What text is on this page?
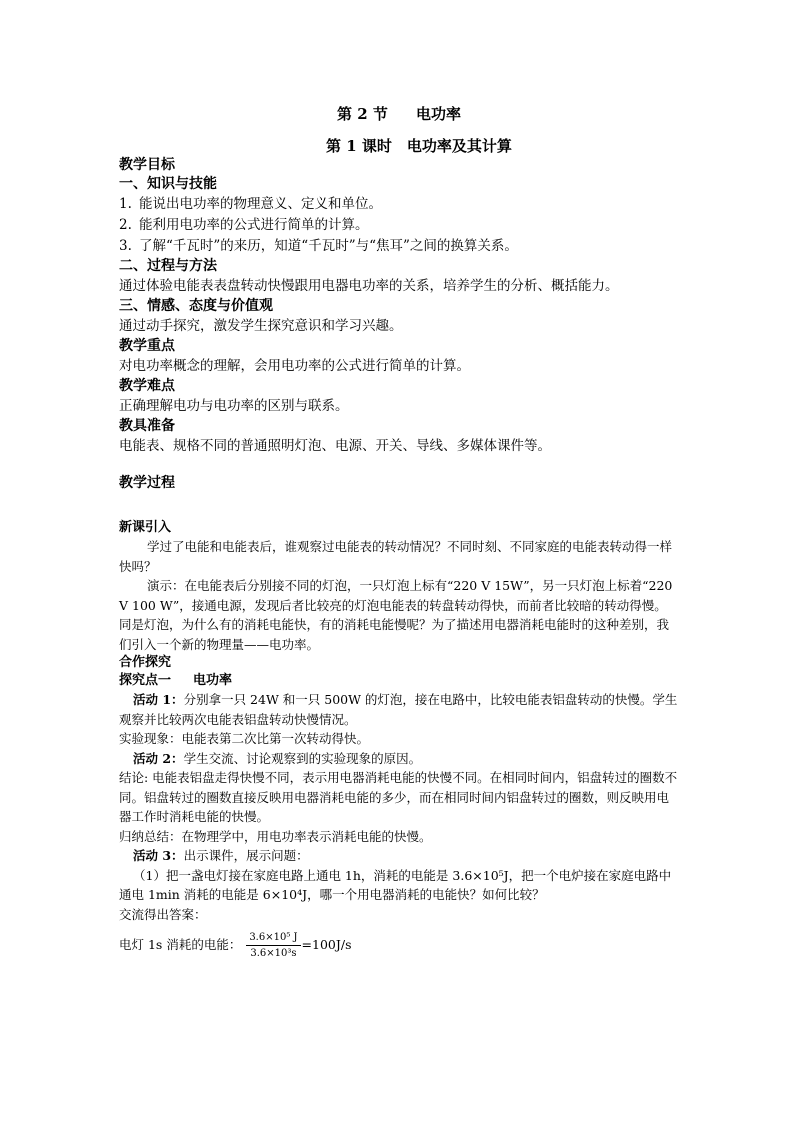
第 2 节 电功率
第 1 课时　电功率及其计算
教学目标
一、知识与技能
1. 能说出电功率的物理意义、定义和单位。
2. 能利用电功率的公式进行简单的计算。
3. 了解“千瓦时”的来历，知道“千瓦时”与“焦耳”之间的换算关系。
二、过程与方法
通过体验电能表表盘转动快慢跟用电器电功率的关系，培养学生的分析、概括能力。
三、情感、态度与价值观
通过动手探究，激发学生探究意识和学习兴趣。
教学重点
对电功率概念的理解，会用电功率的公式进行简单的计算。
教学难点
正确理解电功与电功率的区别与联系。
教具准备
电能表、规格不同的普通照明灯泡、电源、开关、导线、多媒体课件等。
教学过程
新课引入
学过了电能和电能表后，谁观察过电能表的转动情况？不同时刻、不同家庭的电能表转动得一样快吗？
演示：在电能表后分别接不同的灯泡，一只灯泡上标有“220 V 15W”，另一只灯泡上标着“220 V 100 W”，接通电源，发现后者比较亮的灯泡电能表的转盘转动得快，而前者比较暗的转动得慢。同是灯泡，为什么有的消耗电能快，有的消耗电能慢呢？为了描述用电器消耗电能时的这种差别，我们引入一个新的物理量——电功率。
合作探究
探究点一 电功率
活动 1：分别拿一只 24W 和一只 500W 的灯泡，接在电路中，比较电能表铝盘转动的快慢。学生观察并比较两次电能表铝盘转动快慢情况。
实验现象：电能表第二次比第一次转动得快。
活动 2：学生交流、讨论观察到的实验现象的原因。
结论: 电能表铝盘走得快慢不同，表示用电器消耗电能的快慢不同。在相同时间内，铝盘转过的圈数不同。铝盘转过的圈数直接反映用电器消耗电能的多少，而在相同时间内铝盘转过的圈数，则反映用电器工作时消耗电能的快慢。
归纳总结：在物理学中，用电功率表示消耗电能的快慢。
活动 3：出示课件，展示问题：
（1）把一盏电灯接在家庭电路上通电 1h，消耗的电能是 3.6×10⁵J，把一个电炉接在家庭电路中通电 1min 消耗的电能是 6×10⁴J，哪一个用电器消耗的电能快？如何比较？
交流得出答案：
电灯 1s 消耗的电能： $\frac{\text{3.6×10⁵ J}}{\text{3.6×10³s}} =100J/s$
